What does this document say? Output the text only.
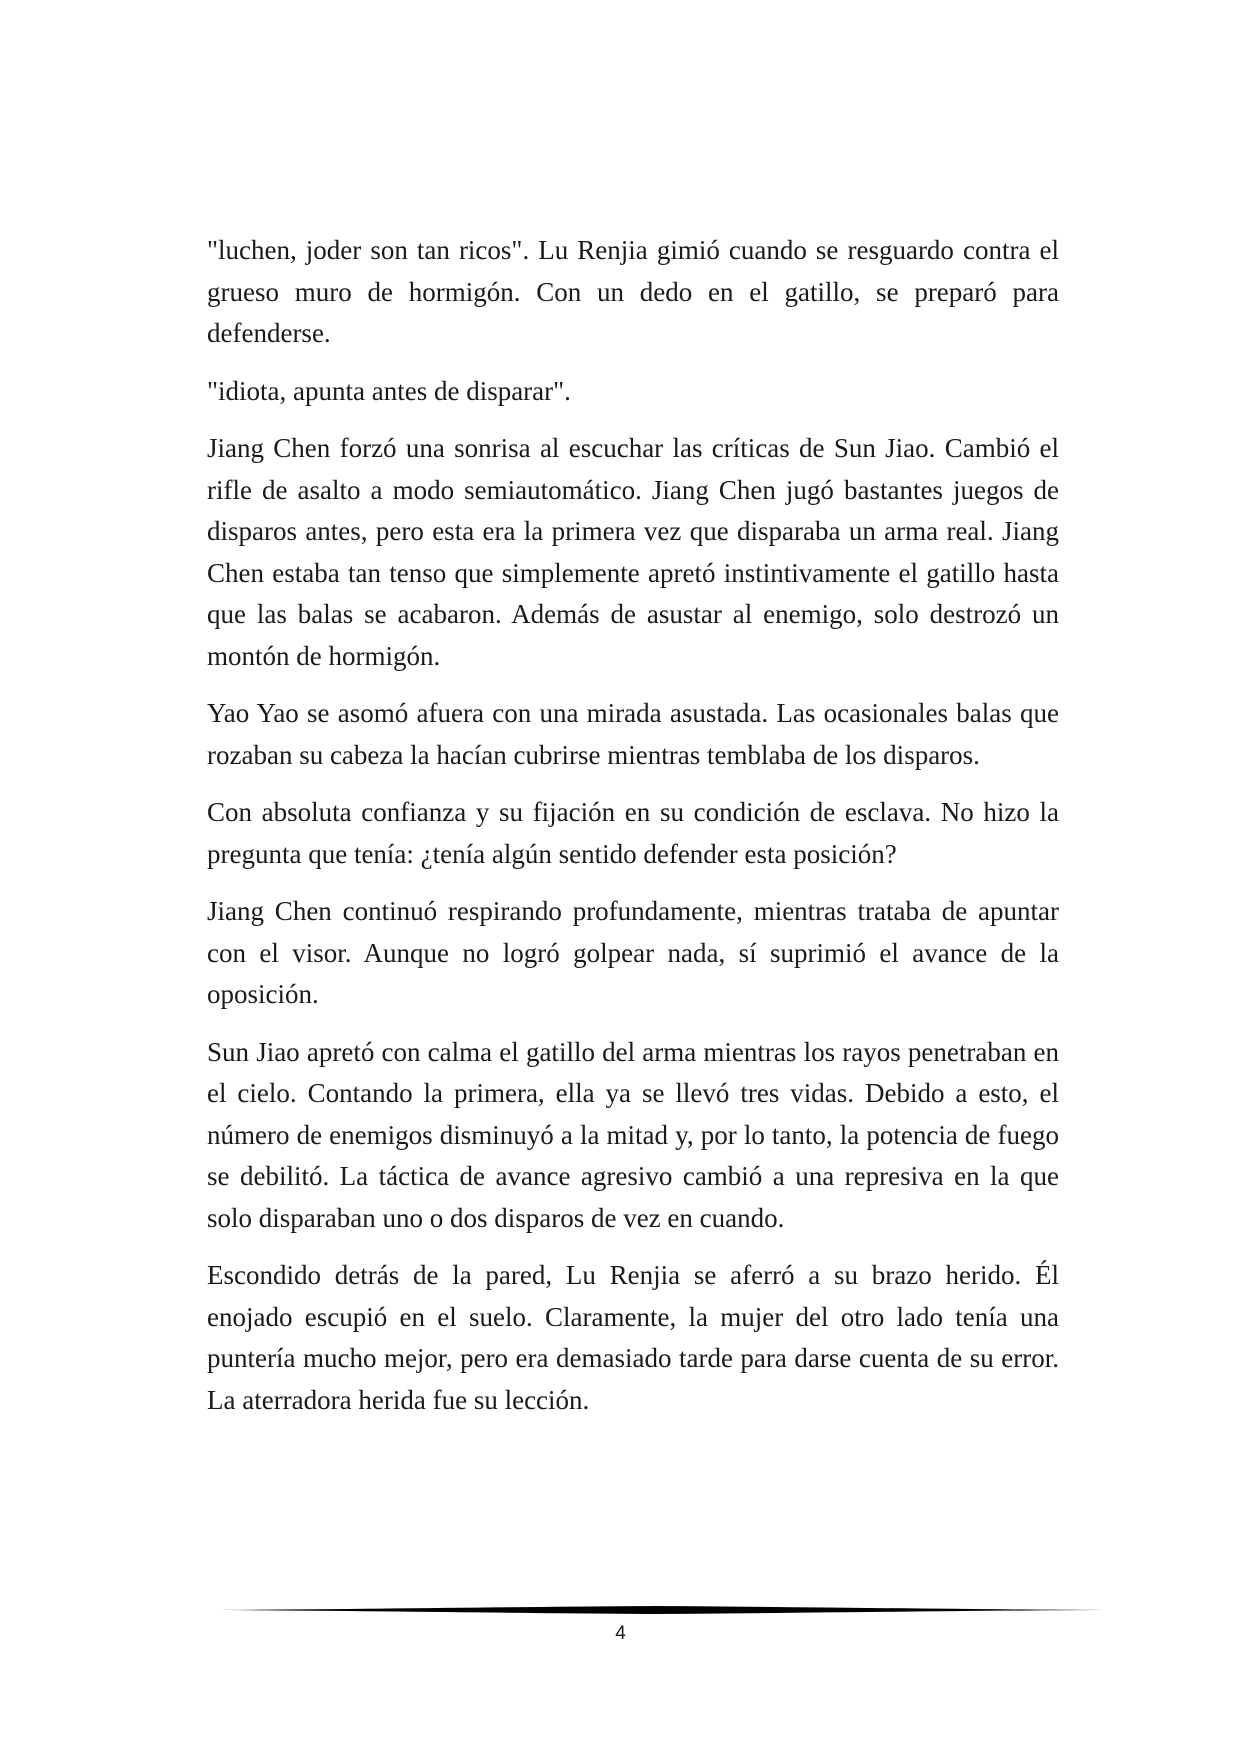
"luchen, joder son tan ricos". Lu Renjia gimió cuando se resguardo contra el grueso muro de hormigón. Con un dedo en el gatillo, se preparó para defenderse.

"idiota, apunta antes de disparar".

Jiang Chen forzó una sonrisa al escuchar las críticas de Sun Jiao. Cambió el rifle de asalto a modo semiautomático. Jiang Chen jugó bastantes juegos de disparos antes, pero esta era la primera vez que disparaba un arma real. Jiang Chen estaba tan tenso que simplemente apretó instintivamente el gatillo hasta que las balas se acabaron. Además de asustar al enemigo, solo destrozó un montón de hormigón.

Yao Yao se asomó afuera con una mirada asustada. Las ocasionales balas que rozaban su cabeza la hacían cubrirse mientras temblaba de los disparos.

Con absoluta confianza y su fijación en su condición de esclava. No hizo la pregunta que tenía: ¿tenía algún sentido defender esta posición?

Jiang Chen continuó respirando profundamente, mientras trataba de apuntar con el visor. Aunque no logró golpear nada, sí suprimió el avance de la oposición.

Sun Jiao apretó con calma el gatillo del arma mientras los rayos penetraban en el cielo. Contando la primera, ella ya se llevó tres vidas. Debido a esto, el número de enemigos disminuyó a la mitad y, por lo tanto, la potencia de fuego se debilitó. La táctica de avance agresivo cambió a una represiva en la que solo disparaban uno o dos disparos de vez en cuando.

Escondido detrás de la pared, Lu Renjia se aferró a su brazo herido. Él enojado escupió en el suelo. Claramente, la mujer del otro lado tenía una puntería mucho mejor, pero era demasiado tarde para darse cuenta de su error. La aterradora herida fue su lección.

4
